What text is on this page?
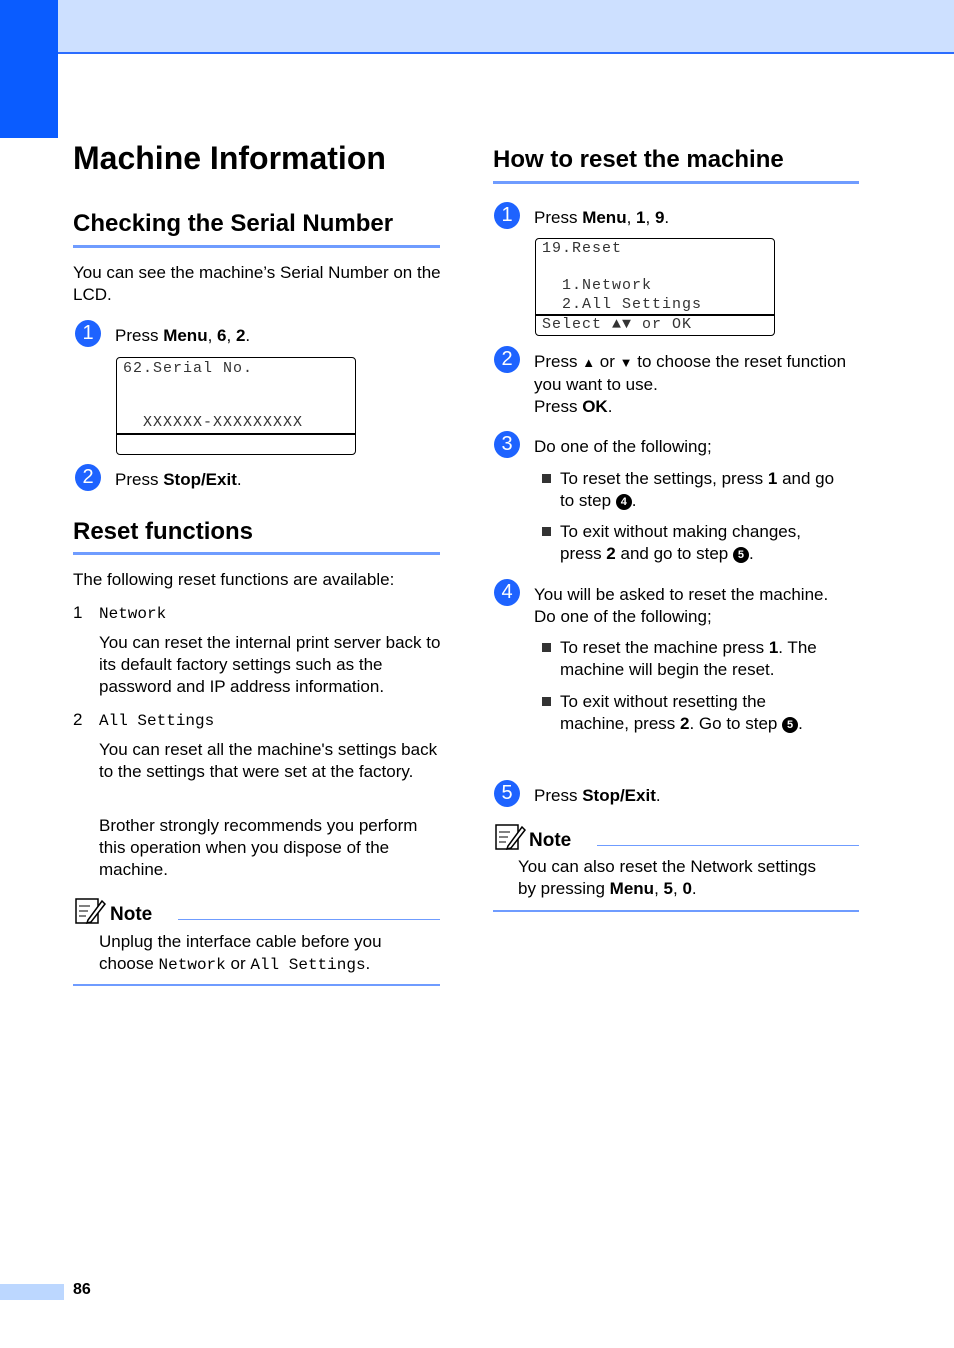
Machine Information
Checking the Serial Number
You can see the machine’s Serial Number on the LCD.
1	Press Menu, 6, 2.
62.Serial No.
XXXXXX-XXXXXXXXX
2	Press Stop/Exit.
Reset functions
The following reset functions are available:
1 Network
You can reset the internal print server back to its default factory settings such as the password and IP address information.
2 All Settings
You can reset all the machine's settings back to the settings that were set at the factory.
Brother strongly recommends you perform this operation when you dispose of the machine.
Note
Unplug the interface cable before you
choose Network or All Settings.
How to reset the machine
1	Press Menu, 1, 9.
19.Reset
1.Network
2.All Settings
Select ▲▼ or OK
2	Press ▲ or ▼ to choose the reset function
you want to use.
Press OK.
3	Do one of the following;
To reset the settings, press 1 and go
to step 4 .
To exit without making changes,
press 2 and go to step 5 .
4	You will be asked to reset the machine.
Do one of the following;
To reset the machine press 1. The
machine will begin the reset.
To exit without resetting the
machine, press 2. Go to step 5 .
5	Press Stop/Exit.
Note
You can also reset the Network settings
by pressing Menu, 5, 0.
86
